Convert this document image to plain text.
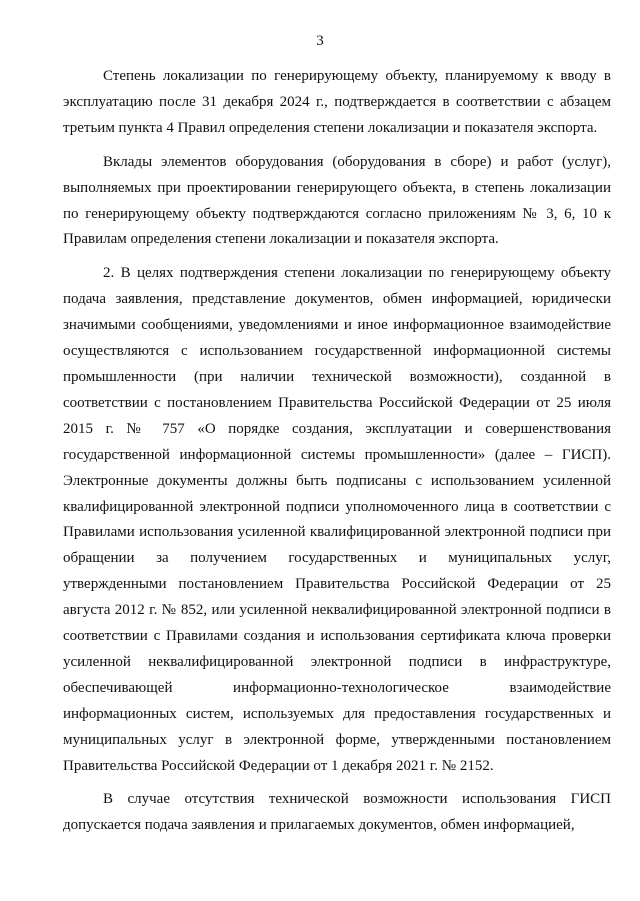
3

Степень локализации по генерирующему объекту, планируемому к вводу в эксплуатацию после 31 декабря 2024 г., подтверждается в соответствии с абзацем третьим пункта 4 Правил определения степени локализации и показателя экспорта.

Вклады элементов оборудования (оборудования в сборе) и работ (услуг), выполняемых при проектировании генерирующего объекта, в степень локализации по генерирующему объекту подтверждаются согласно приложениям № 3, 6, 10 к Правилам определения степени локализации и показателя экспорта.

2. В целях подтверждения степени локализации по генерирующему объекту подача заявления, представление документов, обмен информацией, юридически значимыми сообщениями, уведомлениями и иное информационное взаимодействие осуществляются с использованием государственной информационной системы промышленности (при наличии технической возможности), созданной в соответствии с постановлением Правительства Российской Федерации от 25 июля 2015 г. № 757 «О порядке создания, эксплуатации и совершенствования государственной информационной системы промышленности» (далее – ГИСП). Электронные документы должны быть подписаны с использованием усиленной квалифицированной электронной подписи уполномоченного лица в соответствии с Правилами использования усиленной квалифицированной электронной подписи при обращении за получением государственных и муниципальных услуг, утвержденными постановлением Правительства Российской Федерации от 25 августа 2012 г. № 852, или усиленной неквалифицированной электронной подписи в соответствии с Правилами создания и использования сертификата ключа проверки усиленной неквалифицированной электронной подписи в инфраструктуре, обеспечивающей информационно-технологическое взаимодействие информационных систем, используемых для предоставления государственных и муниципальных услуг в электронной форме, утвержденными постановлением Правительства Российской Федерации от 1 декабря 2021 г. № 2152.

В случае отсутствия технической возможности использования ГИСП допускается подача заявления и прилагаемых документов, обмен информацией,
